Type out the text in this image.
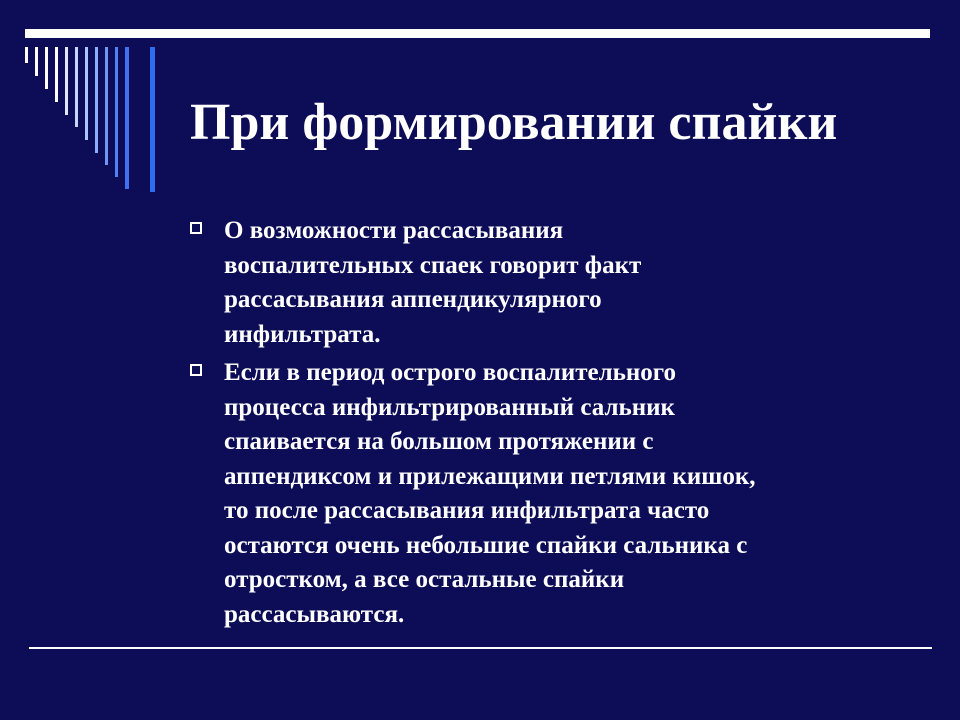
При формировании спайки
О возможности рассасывания
воспалительных спаек говорит факт
рассасывания аппендикулярного
инфильтрата.
Если в период острого воспалительного
процесса инфильтрированный сальник
спаивается на большом протяжении с
аппендиксом и прилежащими петлями кишок,
то после рассасывания инфильтрата часто
остаются очень небольшие спайки сальника с
отростком, а все остальные спайки
рассасываются.
